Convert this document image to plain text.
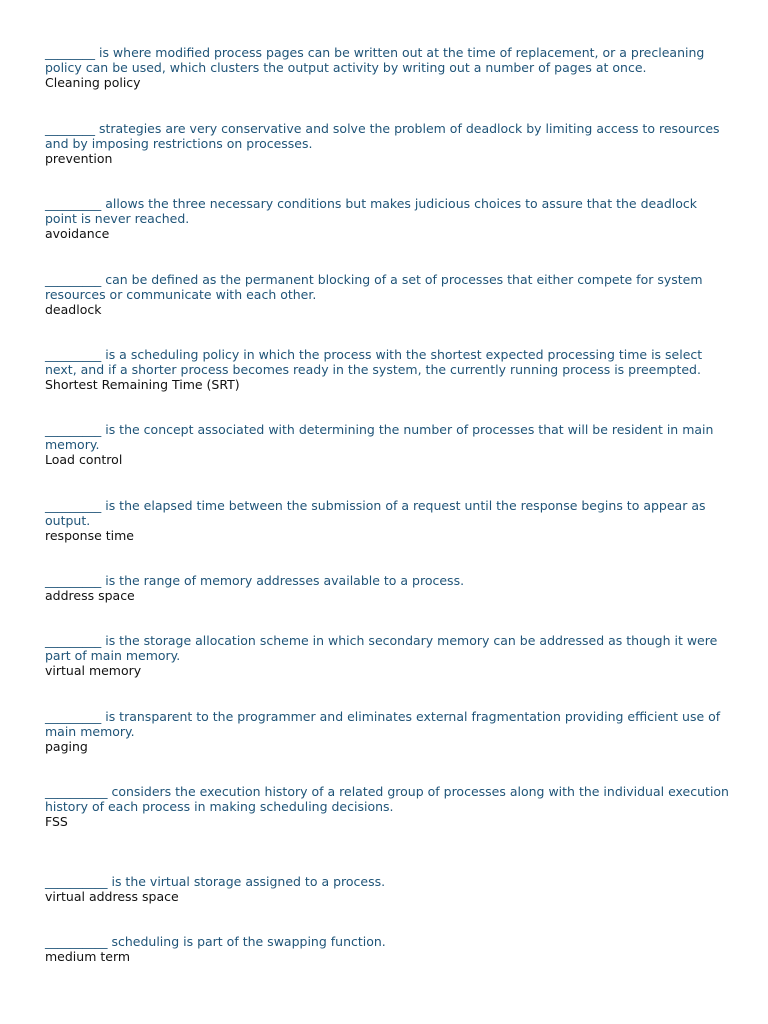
________ is where modified process pages can be written out at the time of replacement, or a precleaning policy can be used, which clusters the output activity by writing out a number of pages at once.
Cleaning policy
________ strategies are very conservative and solve the problem of deadlock by limiting access to resources and by imposing restrictions on processes.
prevention
_________ allows the three necessary conditions but makes judicious choices to assure that the deadlock point is never reached.
avoidance
_________ can be defined as the permanent blocking of a set of processes that either compete for system resources or communicate with each other.
deadlock
_________ is a scheduling policy in which the process with the shortest expected processing time is select next, and if a shorter process becomes ready in the system, the currently running process is preempted.
Shortest Remaining Time (SRT)
_________ is the concept associated with determining the number of processes that will be resident in main memory.
Load control
_________ is the elapsed time between the submission of a request until the response begins to appear as output.
response time
_________ is the range of memory addresses available to a process.
address space
_________ is the storage allocation scheme in which secondary memory can be addressed as though it were part of main memory.
virtual memory
_________ is transparent to the programmer and eliminates external fragmentation providing efficient use of main memory.
paging
__________ considers the execution history of a related group of processes along with the individual execution history of each process in making scheduling decisions.
FSS
__________ is the virtual storage assigned to a process.
virtual address space
__________ scheduling is part of the swapping function.
medium term
